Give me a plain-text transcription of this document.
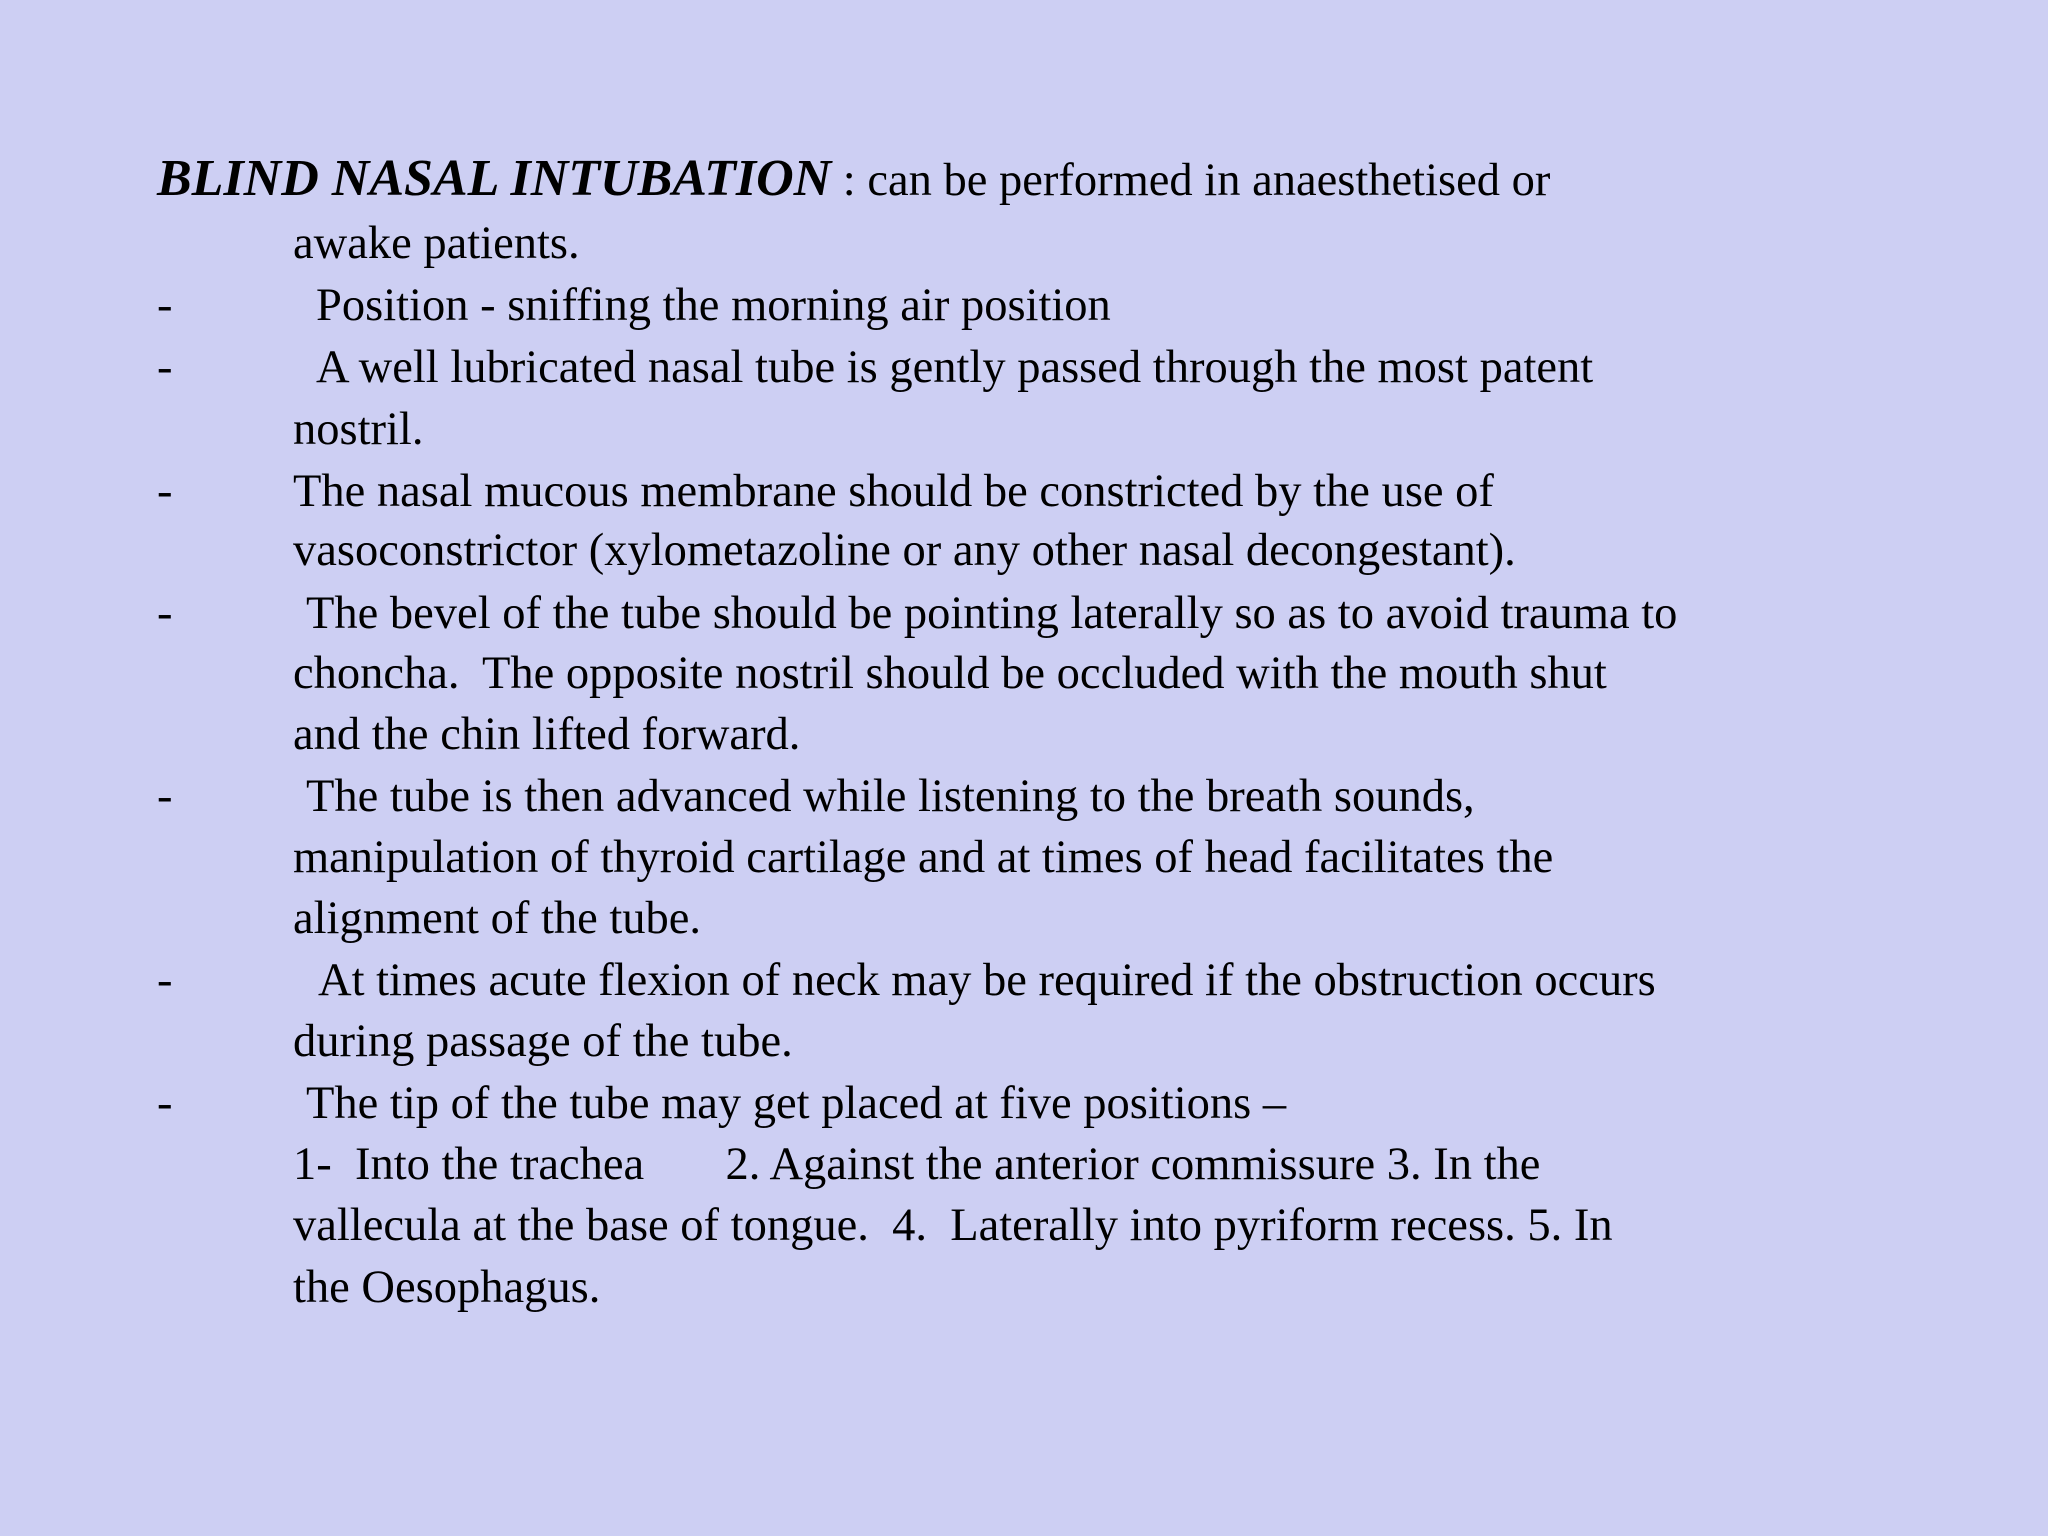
BLIND NASAL INTUBATION : can be performed in anaesthetised or

awake patients.

-	Position - sniffing the morning air position

-	A well lubricated nasal tube is gently passed through the most patent

nostril.

-	The nasal mucous membrane should be constricted by the use of

vasoconstrictor (xylometazoline or any other nasal decongestant).

-	The bevel of the tube should be pointing laterally so as to avoid trauma to

choncha.  The opposite nostril should be occluded with the mouth shut

and the chin lifted forward.

-	The tube is then advanced while listening to the breath sounds,

manipulation of thyroid cartilage and at times of head facilitates the

alignment of the tube.

-	At times acute flexion of neck may be required if the obstruction occurs

during passage of the tube.

-	The tip of the tube may get placed at five positions –

1-  Into the trachea       2. Against the anterior commissure 3. In the

vallecula at the base of tongue.  4.  Laterally into pyriform recess. 5. In

the Oesophagus.
